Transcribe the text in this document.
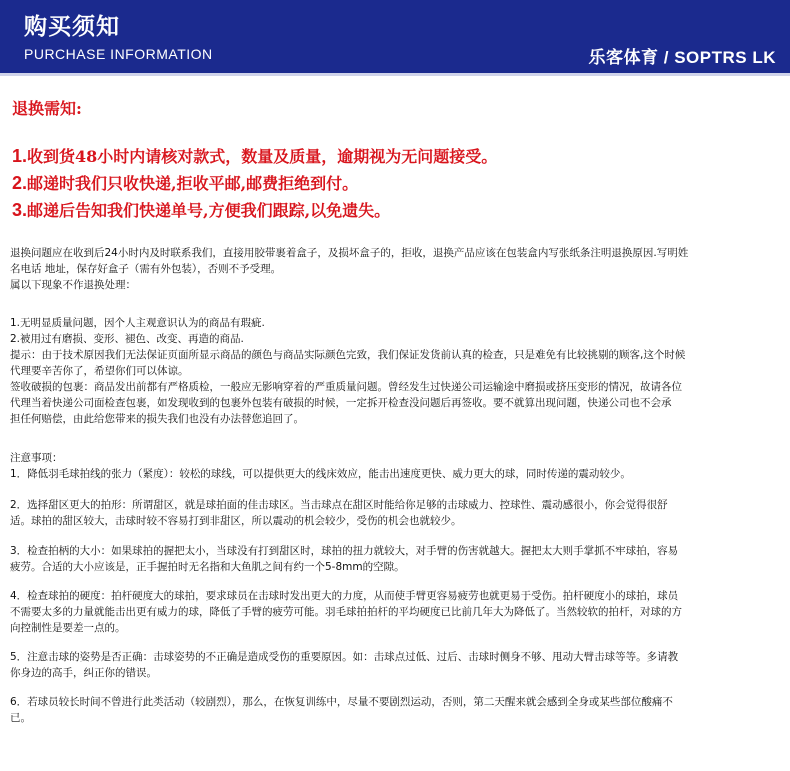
购买须知
PURCHASE INFORMATION	乐客体育 / SOPTRS LK
退换需知:
1.收到货48小时内请核对款式，数量及质量，逾期视为无问题接受。
2.邮递时我们只收快递,拒收平邮,邮费拒绝到付。
3.邮递后告知我们快递单号,方便我们跟踪,以免遗失。
退换问题应在收到后24小时内及时联系我们，直接用胶带裹着盒子，及损坏盒子的，拒收，退换产品应该在包装盒内写张纸条注明退换原因.写明姓
名电话 地址，保存好盒子（需有外包装），否则不予受理。
属以下现象不作退换处理：
1.无明显质量问题，因个人主观意识认为的商品有瑕疵.
2.被用过有磨损、变形、褪色、改变、再造的商品.
提示：由于技术原因我们无法保证页面所显示商品的颜色与商品实际颜色完致，我们保证发货前认真的检查，只是难免有比较挑剔的顾客,这个时候
代理要辛苦你了，希望你们可以体谅。
签收破损的包裹：商品发出前都有严格质检，一般应无影响穿着的严重质量问题。曾经发生过快递公司运输途中磨损或挤压变形的情况，故请各位
代理当着快递公司面检查包裹，如发现收到的包裹外包装有破损的时候，一定拆开检查没问题后再签收。要不就算出现问题，快递公司也不会承
担任何赔偿，由此给您带来的损失我们也没有办法替您追回了。
注意事项：
1．降低羽毛球拍线的张力（紧度）：较松的球线，可以提供更大的线床效应，能击出速度更快、威力更大的球，同时传递的震动较少。
2．选择甜区更大的拍形：所谓甜区，就是球拍面的佳击球区。当击球点在甜区时能给你足够的击球威力、控球性、震动感很小，你会觉得很舒
适。球拍的甜区较大，击球时较不容易打到非甜区，所以震动的机会较少，受伤的机会也就较少。
3．检查拍柄的大小：如果球拍的握把太小，当球没有打到甜区时，球拍的扭力就较大，对手臂的伤害就越大。握把太大则手掌抓不牢球拍，容易
疲劳。合适的大小应该是，正手握拍时无名指和大鱼肌之间有约一个5-8mm的空隙。
4．检查球拍的硬度：拍杆硬度大的球拍，要求球员在击球时发出更大的力度，从而使手臂更容易疲劳也就更易于受伤。拍杆硬度小的球拍，球员
不需要太多的力量就能击出更有威力的球，降低了手臂的疲劳可能。羽毛球拍拍杆的平均硬度已比前几年大为降低了。当然较软的拍杆，对球的方
向控制性是要差一点的。
5．注意击球的姿势是否正确：击球姿势的不正确是造成受伤的重要原因。如：击球点过低、过后、击球时侧身不够、甩动大臂击球等等。多请教
你身边的高手，纠正你的错误。
6．若球员较长时间不曾进行此类活动（较剧烈），那么，在恢复训练中，尽量不要剧烈运动，否则，第二天醒来就会感到全身或某些部位酸痛不
已。
